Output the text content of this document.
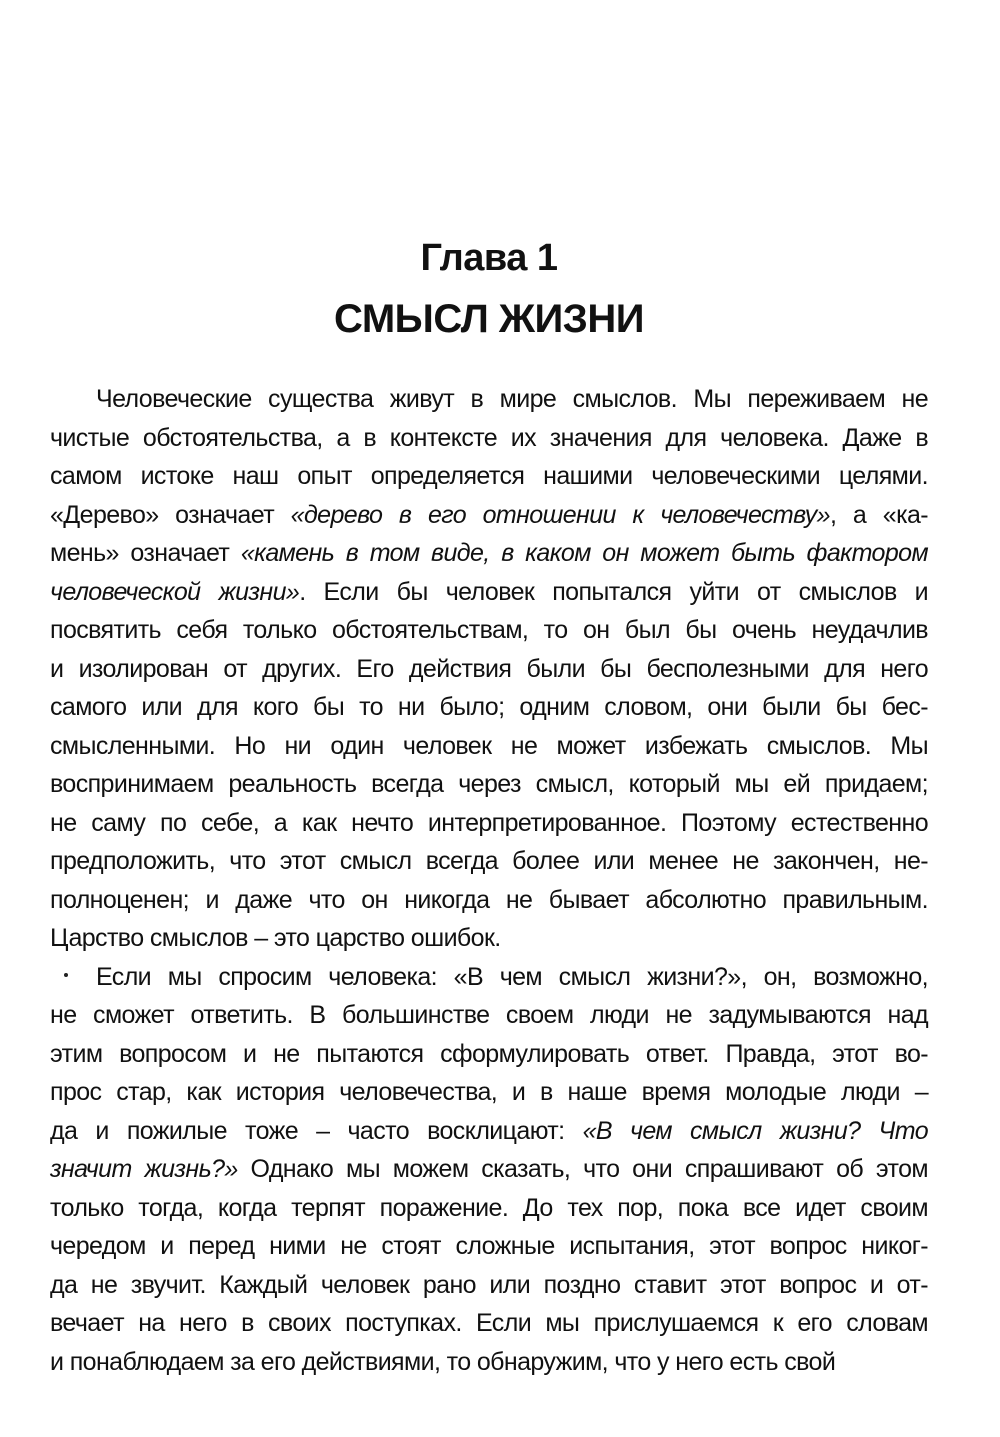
Глава 1
СМЫСЛ ЖИЗНИ
Человеческие существа живут в мире смыслов. Мы переживаем не
чистые обстоятельства, а в контексте их значения для человека. Даже в
самом истоке наш опыт определяется нашими человеческими целями.
«Дерево» означает «дерево в его отношении к человечеству», а «ка-
мень» означает «камень в том виде, в каком он может быть фактором
человеческой жизни». Если бы человек попытался уйти от смыслов и
посвятить себя только обстоятельствам, то он был бы очень неудачлив
и изолирован от других. Его действия были бы бесполезными для него
самого или для кого бы то ни было; одним словом, они были бы бес-
смысленными. Но ни один человек не может избежать смыслов. Мы
воспринимаем реальность всегда через смысл, который мы ей придаем;
не саму по себе, а как нечто интерпретированное. Поэтому естественно
предположить, что этот смысл всегда более или менее не закончен, не-
полноценен; и даже что он никогда не бывает абсолютно правильным.
Царство смыслов – это царство ошибок.
Если мы спросим человека: «В чем смысл жизни?», он, возможно,
не сможет ответить. В большинстве своем люди не задумываются над
этим вопросом и не пытаются сформулировать ответ. Правда, этот во-
прос стар, как история человечества, и в наше время молодые люди –
да и пожилые тоже – часто восклицают: «В чем смысл жизни? Что
значит жизнь?» Однако мы можем сказать, что они спрашивают об этом
только тогда, когда терпят поражение. До тех пор, пока все идет своим
чередом и перед ними не стоят сложные испытания, этот вопрос никог-
да не звучит. Каждый человек рано или поздно ставит этот вопрос и от-
вечает на него в своих поступках. Если мы прислушаемся к его словам
и понаблюдаем за его действиями, то обнаружим, что у него есть свой
